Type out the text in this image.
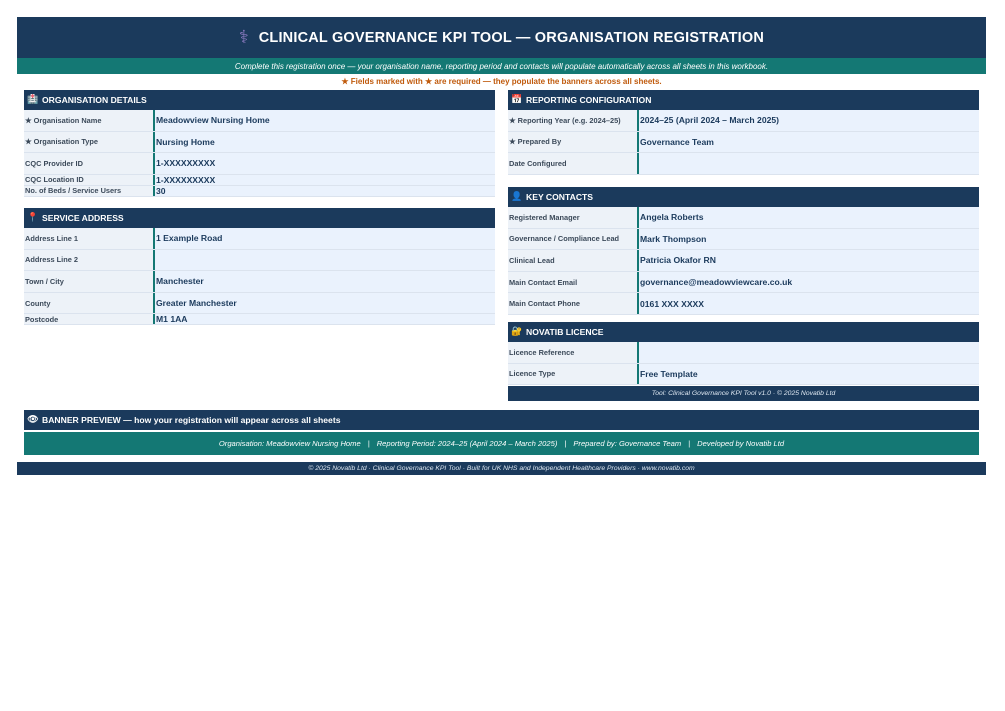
⚕ CLINICAL GOVERNANCE KPI TOOL — ORGANISATION REGISTRATION
Complete this registration once — your organisation name, reporting period and contacts will populate automatically across all sheets in this workbook.
★ Fields marked with ★ are required — they populate the banners across all sheets.
🏥 ORGANISATION DETAILS
★ Organisation Name	Meadowview Nursing Home
★ Organisation Type	Nursing Home
CQC Provider ID	1-XXXXXXXXX
CQC Location ID	1-XXXXXXXXX
No. of Beds / Service Users	30
📍 SERVICE ADDRESS
Address Line 1	1 Example Road
Address Line 2
Town / City	Manchester
County	Greater Manchester
Postcode	M1 1AA
📅 REPORTING CONFIGURATION
★ Reporting Year (e.g. 2024–25)	2024–25 (April 2024 – March 2025)
★ Prepared By	Governance Team
Date Configured
👤 KEY CONTACTS
Registered Manager	Angela Roberts
Governance / Compliance Lead	Mark Thompson
Clinical Lead	Patricia Okafor RN
Main Contact Email	governance@meadowviewcare.co.uk
Main Contact Phone	0161 XXX XXXX
🔐 NOVATIB LICENCE
Licence Reference
Licence Type	Free Template
Tool: Clinical Governance KPI Tool v1.0 · © 2025 Novatib Ltd
👁 BANNER PREVIEW — how your registration will appear across all sheets
Organisation: Meadowview Nursing Home | Reporting Period: 2024–25 (April 2024 – March 2025) | Prepared by: Governance Team | Developed by Novatib Ltd
© 2025 Novatib Ltd · Clinical Governance KPI Tool · Built for UK NHS and Independent Healthcare Providers · www.novatib.com
